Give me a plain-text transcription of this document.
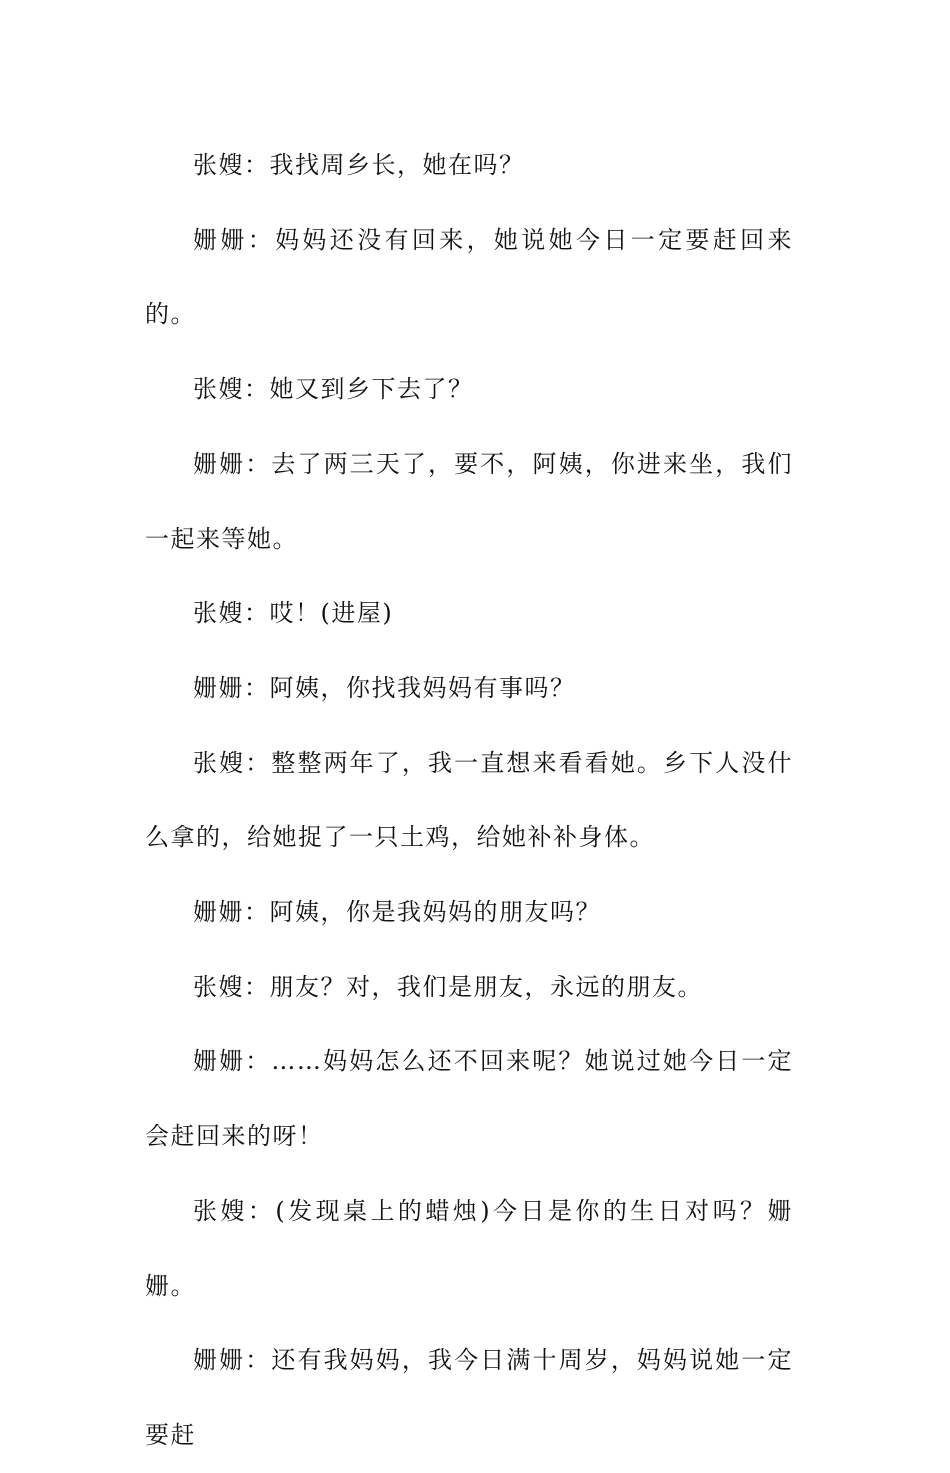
张嫂：我找周乡长，她在吗？

姗姗：妈妈还没有回来，她说她今日一定要赶回来的。

张嫂：她又到乡下去了？

姗姗：去了两三天了，要不，阿姨，你进来坐，我们一起来等她。

张嫂：哎！(进屋)

姗姗：阿姨，你找我妈妈有事吗？

张嫂：整整两年了，我一直想来看看她。乡下人没什么拿的，给她捉了一只土鸡，给她补补身体。

姗姗：阿姨，你是我妈妈的朋友吗？

张嫂：朋友？对，我们是朋友，永远的朋友。

姗姗：……妈妈怎么还不回来呢？她说过她今日一定会赶回来的呀！

张嫂：(发现桌上的蜡烛)今日是你的生日对吗？姗姗。

姗姗：还有我妈妈，我今日满十周岁，妈妈说她一定要赶
